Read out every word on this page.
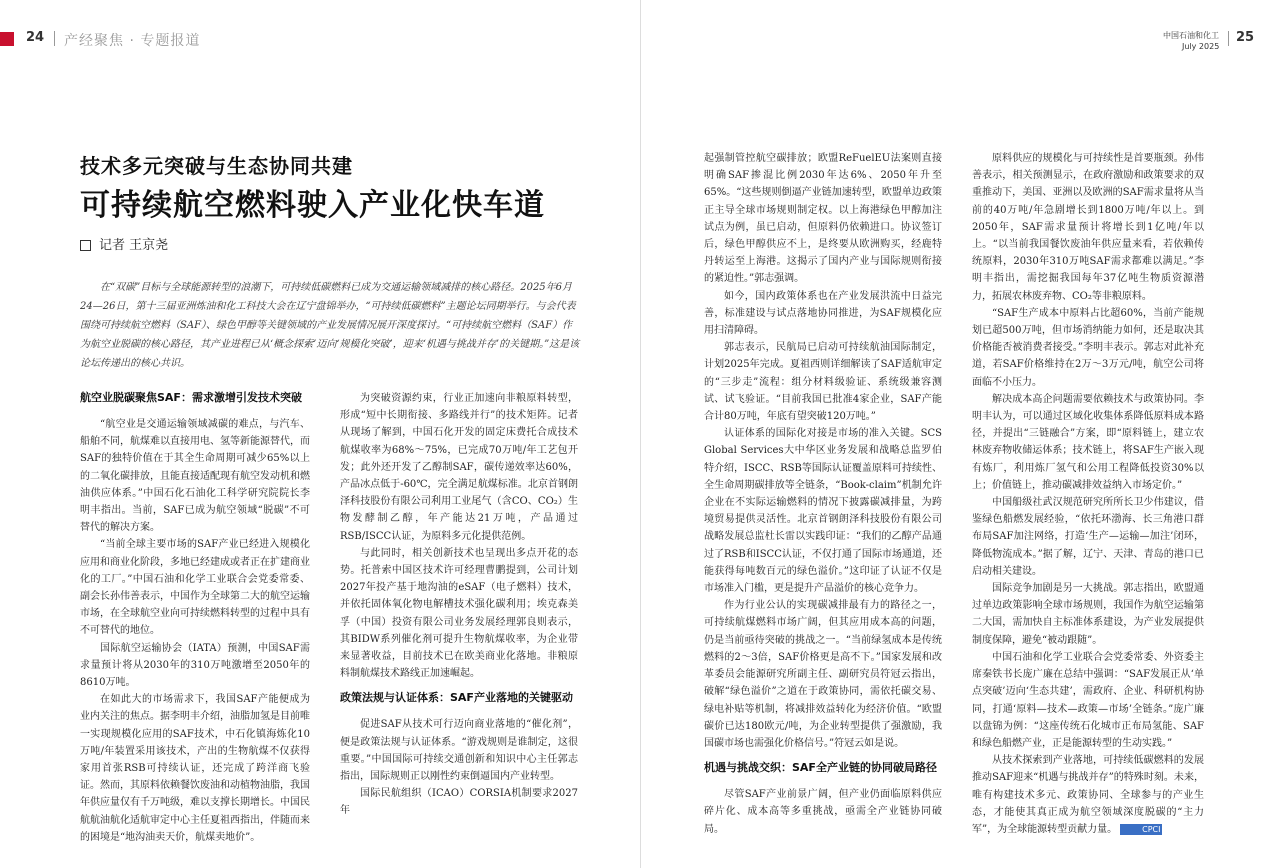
24 产经聚焦 · 专题报道	中国石油和化工
July 2025
25
技术多元突破与生态协同共建
可持续航空燃料驶入产业化快车道
记者 王京尧

在“双碳”目标与全球能源转型的浪潮下，可持续低碳燃料已成为交通运输领域减排的核心路径。2025年6月24—26日，第十三届亚洲炼油和化工科技大会在辽宁盘锦举办，“可持续低碳燃料”主题论坛同期举行。与会代表围绕可持续航空燃料（SAF）、绿色甲醇等关键领域的产业发展情况展开深度探讨。“可持续航空燃料（SAF）作为航空业脱碳的核心路径，其产业进程已从‘概念探索’迈向‘规模化突破’，迎来‘机遇与挑战并存’的关键期。”这是该论坛传递出的核心共识。

航空业脱碳聚焦SAF：需求激增引发技术突破

“航空业是交通运输领域减碳的难点，与汽车、船舶不同，航煤难以直接用电、氢等新能源替代，而SAF的独特价值在于其全生命周期可减少65%以上的二氧化碳排放，且能直接适配现有航空发动机和燃油供应体系。”中国石化石油化工科学研究院院长李明丰指出。当前，SAF已成为航空领域“脱碳”不可替代的解决方案。

“当前全球主要市场的SAF产业已经进入规模化应用和商业化阶段，多地已经建成或者正在扩建商业化的工厂。”中国石油和化学工业联合会党委常委、副会长孙伟善表示，中国作为全球第二大的航空运输市场，在全球航空业向可持续燃料转型的过程中具有不可替代的地位。

国际航空运输协会（IATA）预测，中国SAF需求量预计将从2030年的310万吨激增至2050年的8610万吨。

在如此大的市场需求下，我国SAF产能便成为业内关注的焦点。据李明丰介绍，油脂加氢是目前唯一实现规模化应用的SAF技术，中石化镇海炼化10万吨/年装置采用该技术，产出的生物航煤不仅获得家用首张RSB可持续认证，还完成了跨洋商飞验证。然而，其原料依赖餐饮废油和动植物油脂，我国年供应量仅有千万吨级，难以支撑长期增长。中国民航航油航化适航审定中心主任夏祖西指出，伴随而来的困境是“地沟油卖天价，航煤卖地价”。

为突破资源约束，行业正加速向非粮原料转型，形成“短中长期衔接、多路线并行”的技术矩阵。记者从现场了解到，中国石化开发的固定床费托合成技术航煤收率为68%～75%，已完成70万吨/年工艺包开发；此外还开发了乙醇制SAF，碳传递效率达60%，产品冰点低于-60℃，完全满足航煤标准。北京首钢朗泽科技股份有限公司利用工业尾气（含CO、CO₂）生物发酵制乙醇，年产能达21万吨，产品通过RSB/ISCC认证，为原料多元化提供范例。

与此同时，相关创新技术也呈现出多点开花的态势。托普索中国区技术许可经理曹鹏提到，公司计划2027年投产基于地沟油的eSAF（电子燃料）技术，并依托固体氧化物电解槽技术强化碳利用；埃克森美孚（中国）投资有限公司业务发展经理郭良则表示，其BIDW系列催化剂可提升生物航煤收率，为企业带来显著收益，目前技术已在欧美商业化落地。非粮原料制航煤技术路线正加速崛起。

政策法规与认证体系：SAF产业落地的关键驱动

促进SAF从技术可行迈向商业落地的“催化剂”，便是政策法规与认证体系。“游戏规则是谁制定，这很重要。”中国国际可持续交通创新和知识中心主任郭志指出，国际规则正以刚性约束倒逼国内产业转型。

国际民航组织（ICAO）CORSIA机制要求2027年

起强制管控航空碳排放；欧盟ReFuelEU法案则直接明确SAF掺混比例2030年达6%、2050年升至65%。“这些规则倒逼产业链加速转型，欧盟单边政策正主导全球市场规则制定权。以上海港绿色甲醇加注试点为例，虽已启动，但原料仍依赖进口。协议签订后，绿色甲醇供应不上，是终要从欧洲购买，经鹿特丹转运至上海港。这揭示了国内产业与国际规则衔接的紧迫性。”郭志强调。

如今，国内政策体系也在产业发展洪流中日益完善，标准建设与试点落地协同推进，为SAF规模化应用扫清障碍。

郭志表示，民航局已启动可持续航油国际制定，计划2025年完成。夏祖西则详细解读了SAF适航审定的“三步走”流程：组分材料级验证、系统级兼容测试、试飞验证。“目前我国已批准4家企业，SAF产能合计80万吨，年底有望突破120万吨。”

认证体系的国际化对接是市场的准入关键。SCS Global Services大中华区业务发展和战略总监罗伯特介绍，ISCC、RSB等国际认证覆盖原料可持续性、全生命周期碳排放等全链条，“Book-claim”机制允许企业在不实际运输燃料的情况下披露碳减排量，为跨境贸易提供灵活性。北京首钢朗泽科技股份有限公司战略发展总监杜长雷以实践印证：“我们的乙醇产品通过了RSB和ISCC认证，不仅打通了国际市场通道，还能获得每吨数百元的绿色溢价。”这印证了认证不仅是市场准入门槛，更是提升产品溢价的核心竞争力。

作为行业公认的实现碳减排最有力的路径之一，可持续航煤燃料市场广阔，但其应用成本高的问题，仍是当前亟待突破的挑战之一。“当前绿氢成本是传统燃料的2～3倍，SAF价格更是高不下。”国家发展和改革委员会能源研究所副主任、副研究员符冠云指出，破解“绿色溢价”之道在于政策协同，需依托碳交易、绿电补贴等机制，将减排效益转化为经济价值。“欧盟碳价已达180欧元/吨，为企业转型提供了强激励，我国碳市场也需强化价格信号。”符冠云如是说。

机遇与挑战交织：SAF全产业链的协同破局路径

尽管SAF产业前景广阔，但产业仍面临原料供应碎片化、成本高等多重挑战，亟需全产业链协同破局。

原料供应的规模化与可持续性是首要瓶颈。孙伟善表示，相关预测显示，在政府激励和政策要求的双重推动下，美国、亚洲以及欧洲的SAF需求量将从当前的40万吨/年急剧增长到1800万吨/年以上。到2050年，SAF需求量预计将增长到1亿吨/年以上。“以当前我国餐饮废油年供应量来看，若依赖传统原料，2030年310万吨SAF需求都难以满足。”李明丰指出，需挖掘我国每年37亿吨生物质资源潜力，拓展农林废弃物、CO₂等非粮原料。

“SAF生产成本中原料占比超60%，当前产能规划已超500万吨，但市场消纳能力如何，还是取决其价格能否被消费者接受。”李明丰表示。郭志对此补充道，若SAF价格维持在2万～3万元/吨，航空公司将面临不小压力。

解决成本高企问题需要依赖技术与政策协同。李明丰认为，可以通过区域化收集体系降低原料成本路径，并提出“三链融合”方案，即“原料链上，建立农林废弃物收储运体系；技术链上，将SAF生产嵌入现有炼厂，利用炼厂氢气和公用工程降低投资30%以上；价值链上，推动碳减排效益纳入市场定价。”

中国船级社武汉规范研究所所长卫少伟建议，借鉴绿色船燃发展经验，“依托环渤海、长三角港口群布局SAF加注网络，打造‘生产—运输—加注’闭环，降低物流成本。”据了解，辽宁、天津、青岛的港口已启动相关建设。

国际竞争加剧是另一大挑战。郭志指出，欧盟通过单边政策影响全球市场规则，我国作为航空运输第二大国，需加快自主标准体系建设，为产业发展提供制度保障，避免“被动跟随”。

中国石油和化学工业联合会党委常委、外资委主席秦铁书长庞广廉在总结中强调：“SAF发展正从‘单点突破’迈向‘生态共建’，需政府、企业、科研机构协同，打通‘原料—技术—政策—市场’全链条。”庞广廉以盘锦为例：“这座传统石化城市正布局氢能、SAF和绿色船燃产业，正是能源转型的生动实践。”

从技术探索到产业落地，可持续低碳燃料的发展推动SAF迎来“机遇与挑战并存”的特殊时刻。未来，唯有构建技术多元、政策协同、全球参与的产业生态，才能使其真正成为航空领域深度脱碳的“主力军”，为全球能源转型贡献力量。	CPCI
